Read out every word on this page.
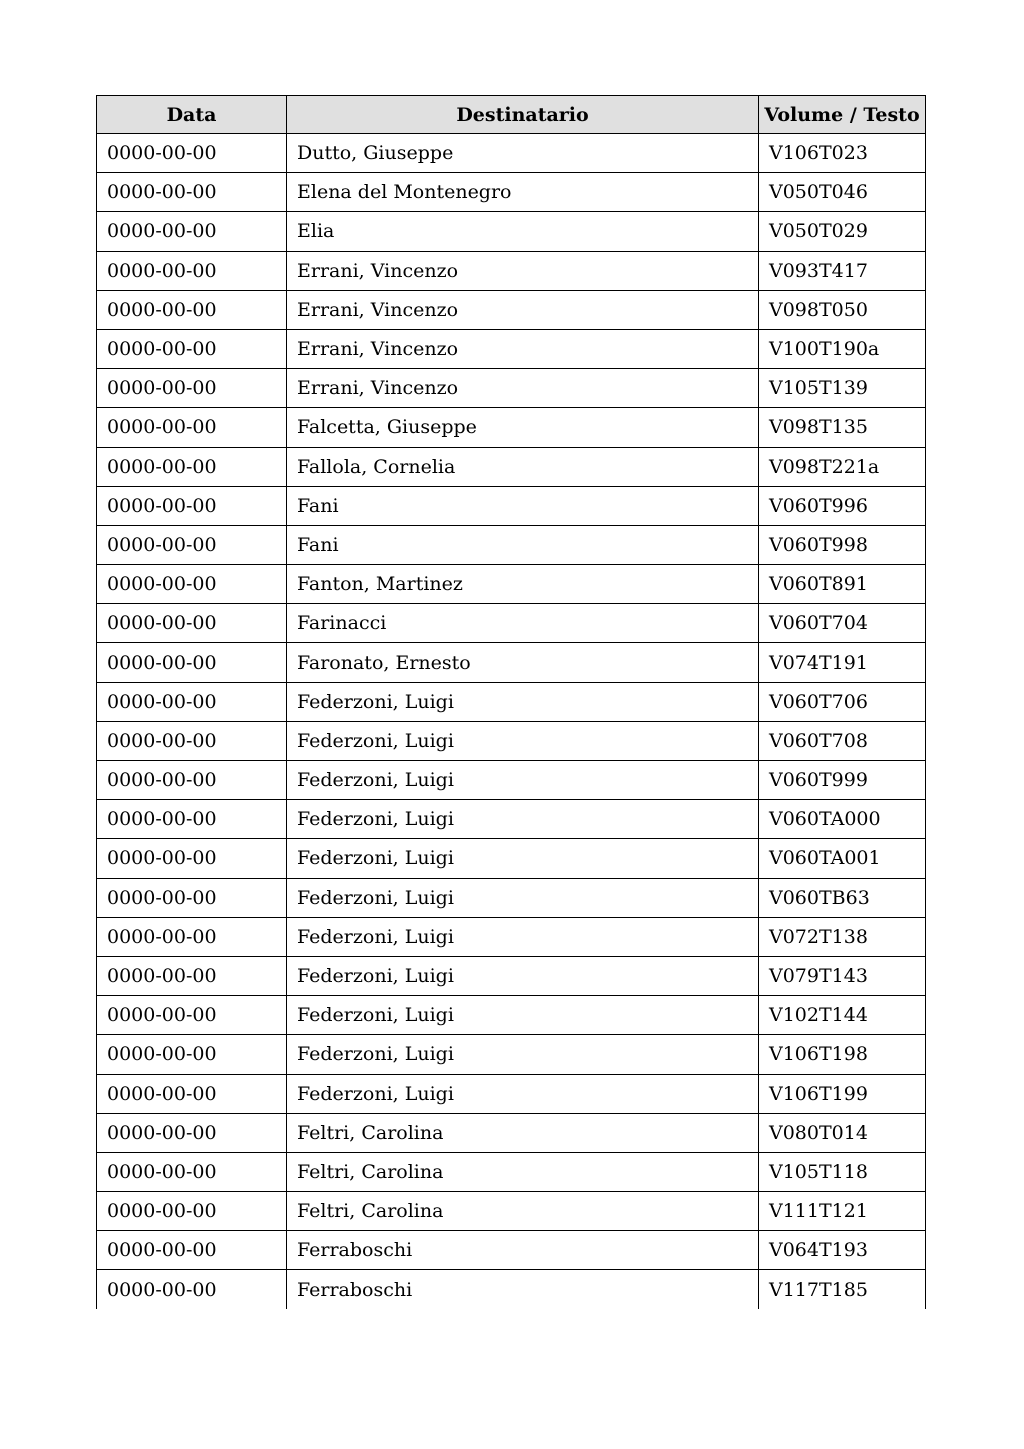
Data	Destinatario	Volume / Testo
0000-00-00	Dutto, Giuseppe	V106T023
0000-00-00	Elena del Montenegro	V050T046
0000-00-00	Elia	V050T029
0000-00-00	Errani, Vincenzo	V093T417
0000-00-00	Errani, Vincenzo	V098T050
0000-00-00	Errani, Vincenzo	V100T190a
0000-00-00	Errani, Vincenzo	V105T139
0000-00-00	Falcetta, Giuseppe	V098T135
0000-00-00	Fallola, Cornelia	V098T221a
0000-00-00	Fani	V060T996
0000-00-00	Fani	V060T998
0000-00-00	Fanton, Martinez	V060T891
0000-00-00	Farinacci	V060T704
0000-00-00	Faronato, Ernesto	V074T191
0000-00-00	Federzoni, Luigi	V060T706
0000-00-00	Federzoni, Luigi	V060T708
0000-00-00	Federzoni, Luigi	V060T999
0000-00-00	Federzoni, Luigi	V060TA000
0000-00-00	Federzoni, Luigi	V060TA001
0000-00-00	Federzoni, Luigi	V060TB63
0000-00-00	Federzoni, Luigi	V072T138
0000-00-00	Federzoni, Luigi	V079T143
0000-00-00	Federzoni, Luigi	V102T144
0000-00-00	Federzoni, Luigi	V106T198
0000-00-00	Federzoni, Luigi	V106T199
0000-00-00	Feltri, Carolina	V080T014
0000-00-00	Feltri, Carolina	V105T118
0000-00-00	Feltri, Carolina	V111T121
0000-00-00	Ferraboschi	V064T193
0000-00-00	Ferraboschi	V117T185
